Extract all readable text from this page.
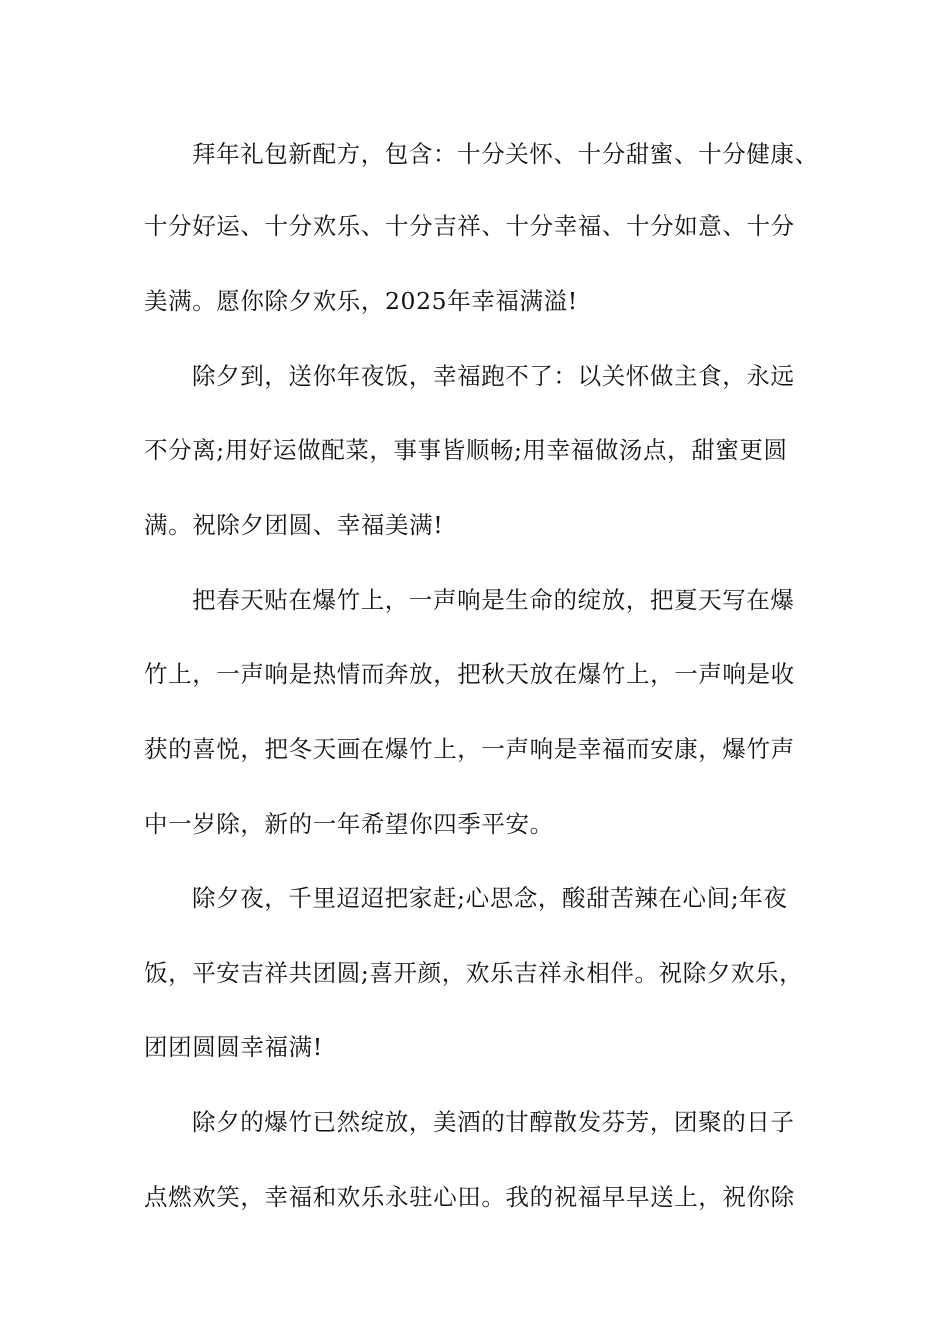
拜年礼包新配方，包含：十分关怀、十分甜蜜、十分健康、
十分好运、十分欢乐、十分吉祥、十分幸福、十分如意、十分
美满。愿你除夕欢乐，2025年幸福满溢!
除夕到，送你年夜饭，幸福跑不了：以关怀做主食，永远
不分离;用好运做配菜，事事皆顺畅;用幸福做汤点，甜蜜更圆
满。祝除夕团圆、幸福美满!
把春天贴在爆竹上，一声响是生命的绽放，把夏天写在爆
竹上，一声响是热情而奔放，把秋天放在爆竹上，一声响是收
获的喜悦，把冬天画在爆竹上，一声响是幸福而安康，爆竹声
中一岁除，新的一年希望你四季平安。
除夕夜，千里迢迢把家赶;心思念，酸甜苦辣在心间;年夜
饭，平安吉祥共团圆;喜开颜，欢乐吉祥永相伴。祝除夕欢乐，
团团圆圆幸福满!
除夕的爆竹已然绽放，美酒的甘醇散发芬芳，团聚的日子
点燃欢笑，幸福和欢乐永驻心田。我的祝福早早送上，祝你除
